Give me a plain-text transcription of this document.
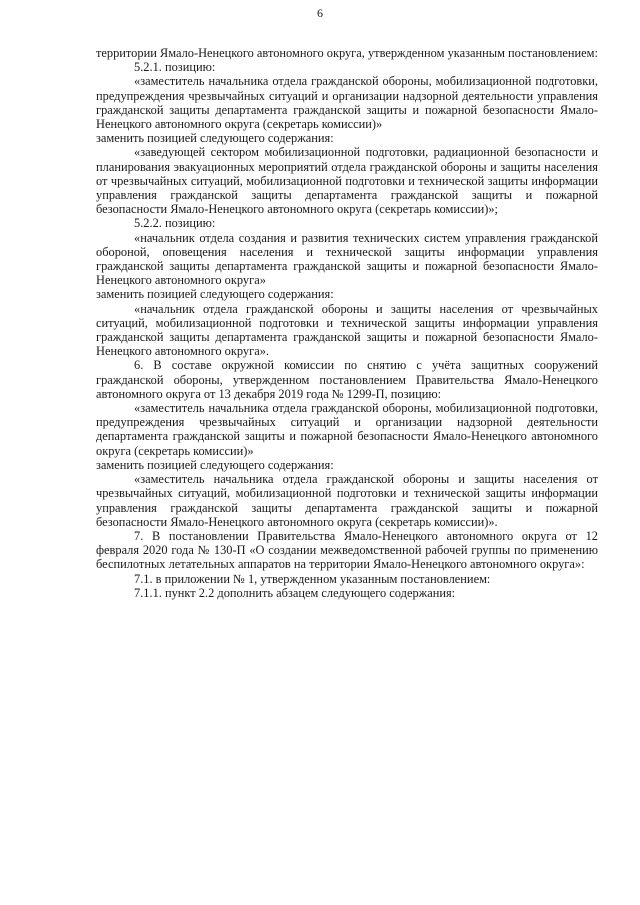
6

территории Ямало-Ненецкого автономного округа, утвержденном указанным постановлением:

5.2.1. позицию:

«заместитель начальника отдела гражданской обороны, мобилизационной подготовки, предупреждения чрезвычайных ситуаций и организации надзорной деятельности управления гражданской защиты департамента гражданской защиты и пожарной безопасности Ямало-Ненецкого автономного округа (секретарь комиссии)»

заменить позицией следующего содержания:

«заведующей сектором мобилизационной подготовки, радиационной безопасности и планирования эвакуационных мероприятий отдела гражданской обороны и защиты населения от чрезвычайных ситуаций, мобилизационной подготовки и технической защиты информации управления гражданской защиты департамента гражданской защиты и пожарной безопасности Ямало-Ненецкого автономного округа (секретарь комиссии)»;

5.2.2. позицию:

«начальник отдела создания и развития технических систем управления гражданской обороной, оповещения населения и технической защиты информации управления гражданской защиты департамента гражданской защиты и пожарной безопасности Ямало-Ненецкого автономного округа»

заменить позицией следующего содержания:

«начальник отдела гражданской обороны и защиты населения от чрезвычайных ситуаций, мобилизационной подготовки и технической защиты информации управления гражданской защиты департамента гражданской защиты и пожарной безопасности Ямало-Ненецкого автономного округа».

6. В составе окружной комиссии по снятию с учёта защитных сооружений гражданской обороны, утвержденном постановлением Правительства Ямало-Ненецкого автономного округа от 13 декабря 2019 года № 1299-П, позицию:

«заместитель начальника отдела гражданской обороны, мобилизационной подготовки, предупреждения чрезвычайных ситуаций и организации надзорной деятельности департамента гражданской защиты и пожарной безопасности Ямало-Ненецкого автономного округа (секретарь комиссии)»

заменить позицией следующего содержания:

«заместитель начальника отдела гражданской обороны и защиты населения от чрезвычайных ситуаций, мобилизационной подготовки и технической защиты информации управления гражданской защиты департамента гражданской защиты и пожарной безопасности Ямало-Ненецкого автономного округа (секретарь комиссии)».

7. В постановлении Правительства Ямало-Ненецкого автономного округа от 12 февраля 2020 года № 130-П «О создании межведомственной рабочей группы по применению беспилотных летательных аппаратов на территории Ямало-Ненецкого автономного округа»:

7.1. в приложении № 1, утвержденном указанным постановлением:

7.1.1. пункт 2.2 дополнить абзацем следующего содержания:
